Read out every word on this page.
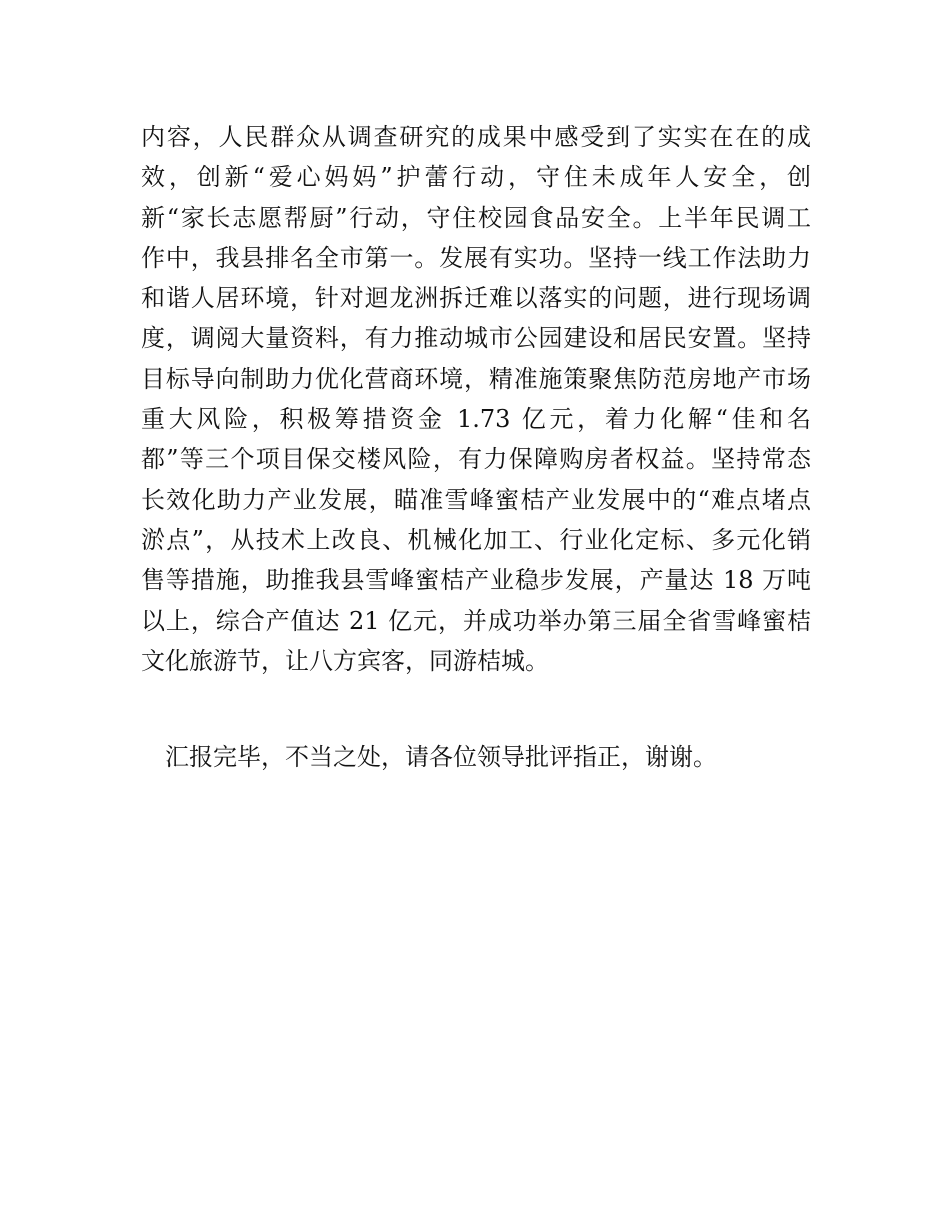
内容，人民群众从调查研究的成果中感受到了实实在在的成
效，创新“爱心妈妈”护蕾行动，守住未成年人安全，创
新“家长志愿帮厨”行动，守住校园食品安全。上半年民调工
作中，我县排名全市第一。发展有实功。坚持一线工作法助力
和谐人居环境，针对迴龙洲拆迁难以落实的问题，进行现场调
度，调阅大量资料，有力推动城市公园建设和居民安置。坚持
目标导向制助力优化营商环境，精准施策聚焦防范房地产市场
重大风险，积极筹措资金 1.73 亿元，着力化解“佳和名
都”等三个项目保交楼风险，有力保障购房者权益。坚持常态
长效化助力产业发展，瞄准雪峰蜜桔产业发展中的“难点堵点
淤点”，从技术上改良、机械化加工、行业化定标、多元化销
售等措施，助推我县雪峰蜜桔产业稳步发展，产量达 18 万吨
以上，综合产值达 21 亿元，并成功举办第三届全省雪峰蜜桔
文化旅游节，让八方宾客，同游桔城。
汇报完毕，不当之处，请各位领导批评指正，谢谢。
